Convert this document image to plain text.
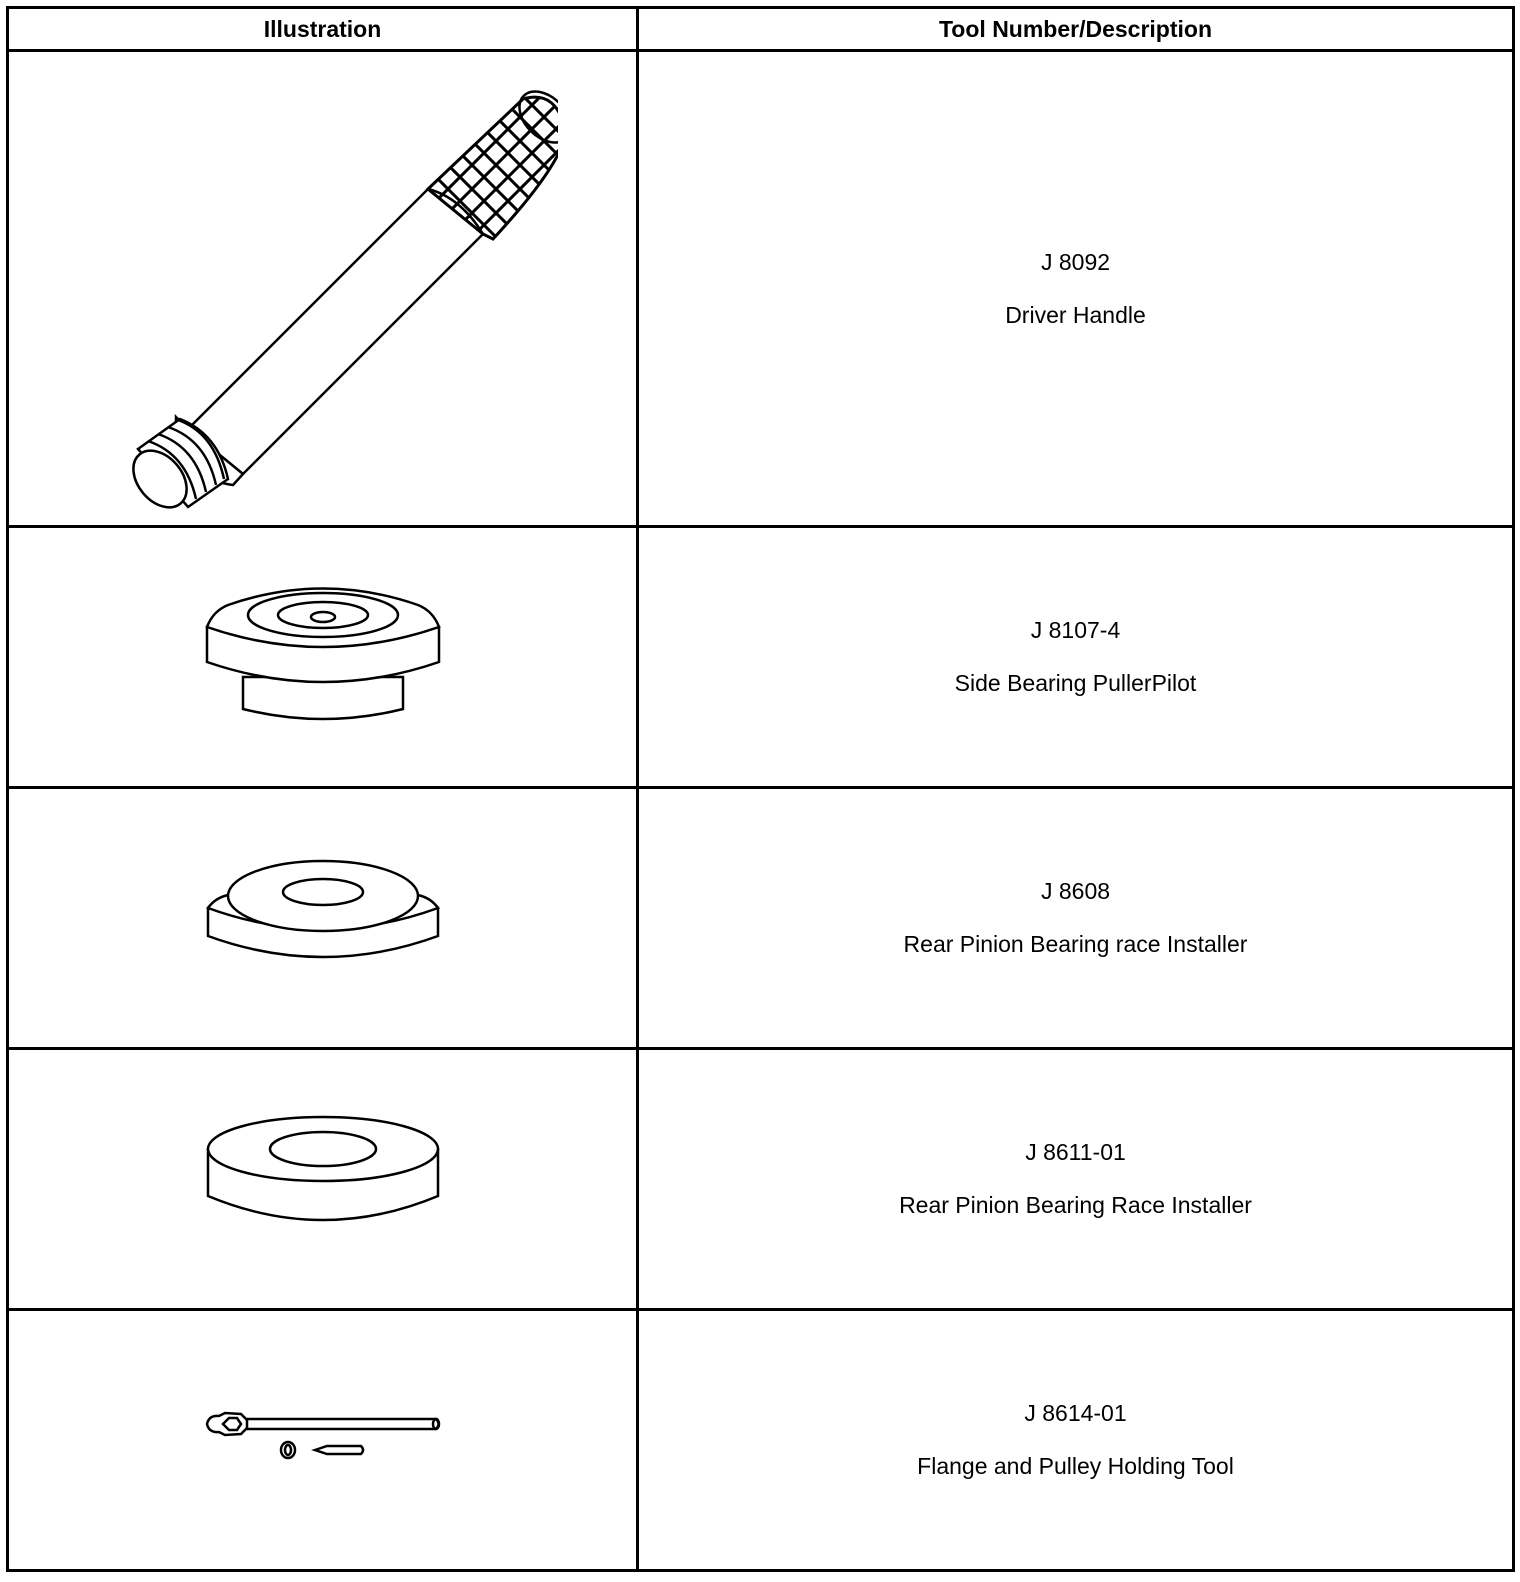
Illustration	Tool Number/Description

J 8092
Driver Handle

J 8107-4
Side Bearing PullerPilot

J 8608
Rear Pinion Bearing race Installer

J 8611-01
Rear Pinion Bearing Race Installer

J 8614-01
Flange and Pulley Holding Tool
